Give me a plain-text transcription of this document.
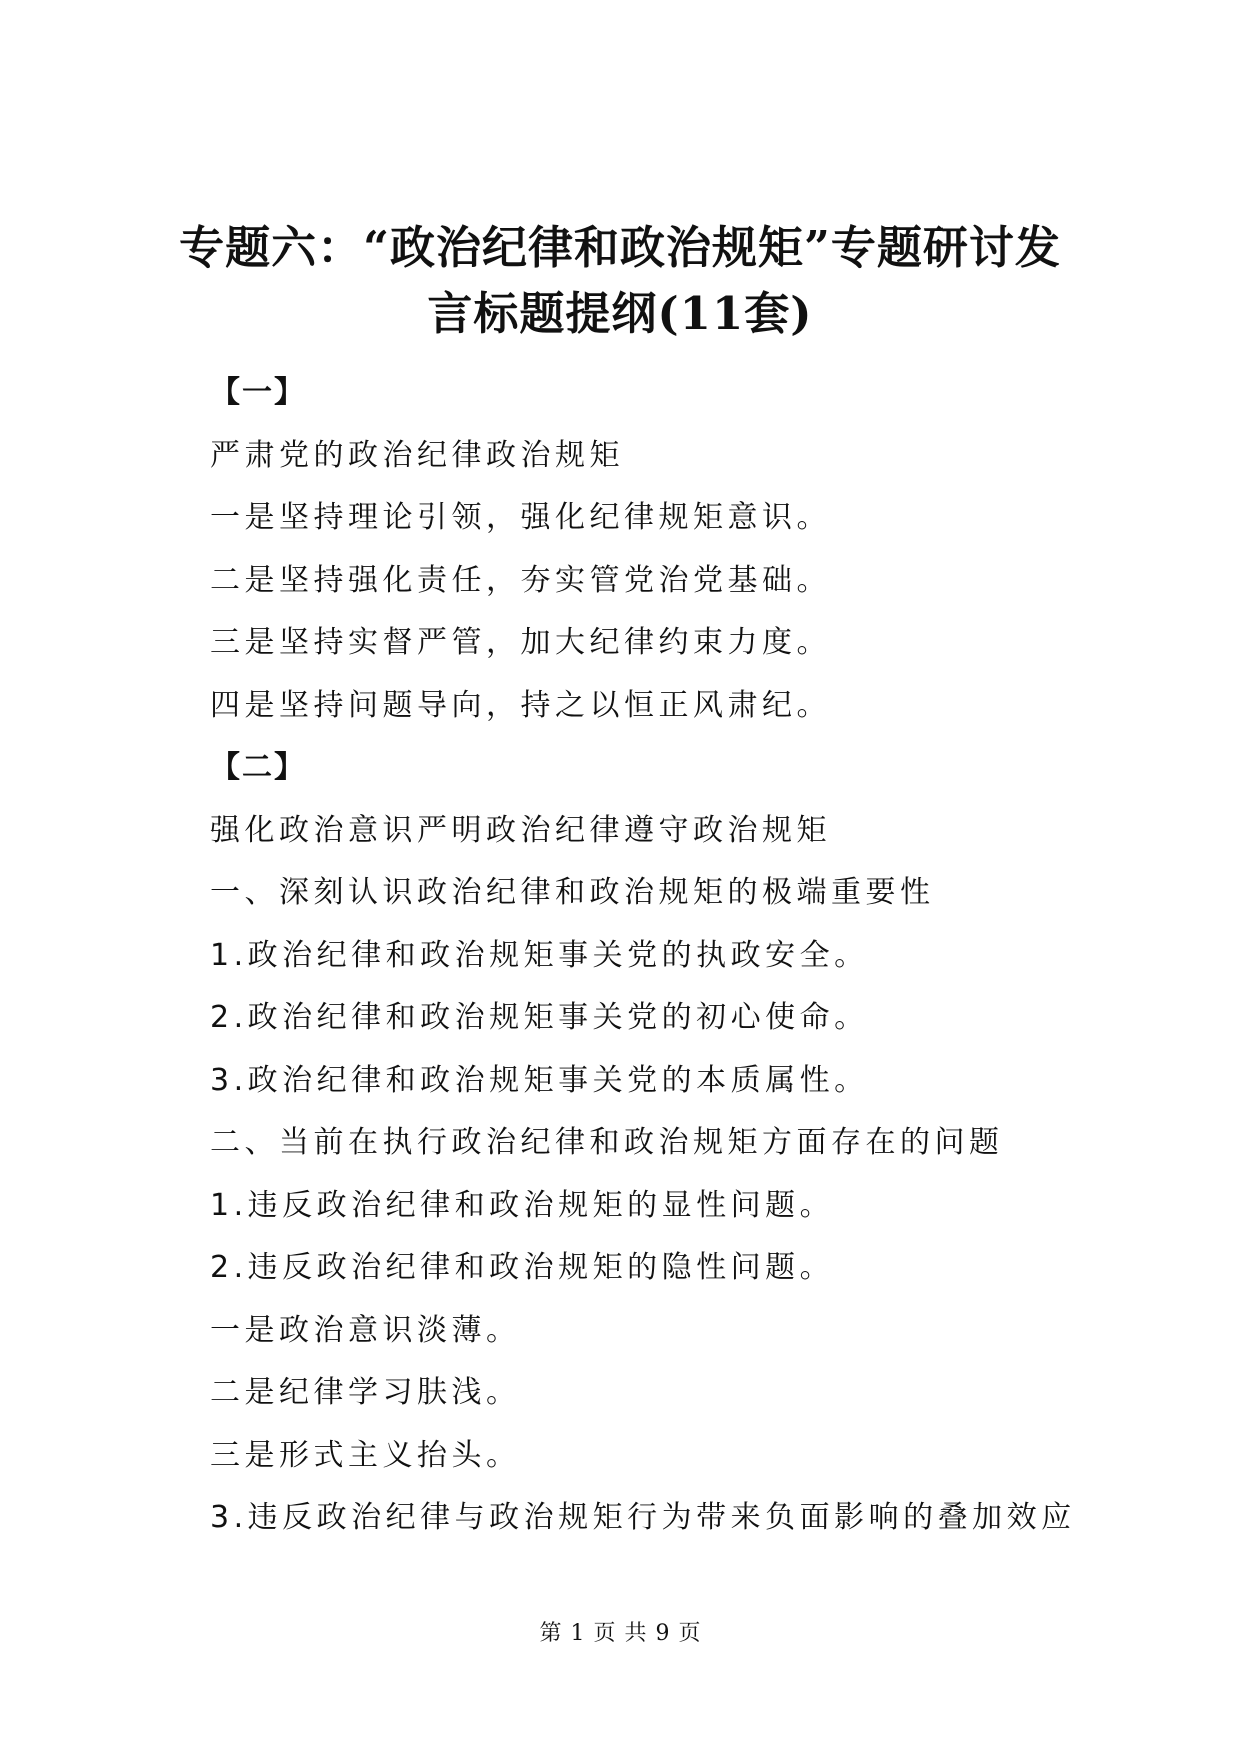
专题六：“政治纪律和政治规矩”专题研讨发
言标题提纲(11套)

【一】

严肃党的政治纪律政治规矩

一是坚持理论引领，强化纪律规矩意识。

二是坚持强化责任，夯实管党治党基础。

三是坚持实督严管，加大纪律约束力度。

四是坚持问题导向，持之以恒正风肃纪。

【二】

强化政治意识严明政治纪律遵守政治规矩

一、深刻认识政治纪律和政治规矩的极端重要性

1.政治纪律和政治规矩事关党的执政安全。

2.政治纪律和政治规矩事关党的初心使命。

3.政治纪律和政治规矩事关党的本质属性。

二、当前在执行政治纪律和政治规矩方面存在的问题

1.违反政治纪律和政治规矩的显性问题。

2.违反政治纪律和政治规矩的隐性问题。

一是政治意识淡薄。

二是纪律学习肤浅。

三是形式主义抬头。

3.违反政治纪律与政治规矩行为带来负面影响的叠加效应

第 1 页 共 9 页
